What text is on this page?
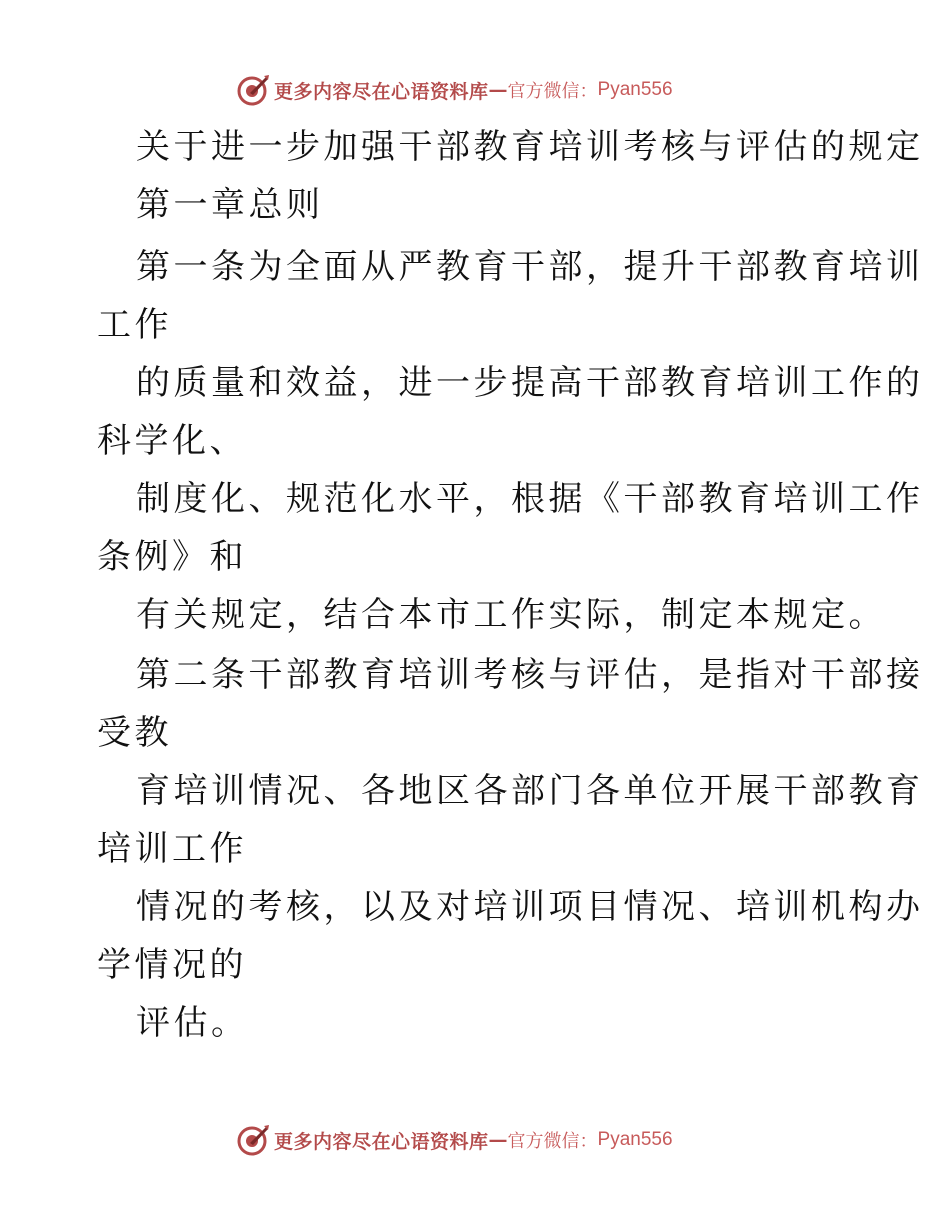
更多内容尽在心语资料库 — 官方微信： Pyan556
关于进一步加强干部教育培训考核与评估的规定
第一章总则
第一条为全面从严教育干部，提升干部教育培训
工作
的质量和效益，进一步提高干部教育培训工作的
科学化、
制度化、规范化水平，根据《干部教育培训工作
条例》和
有关规定，结合本市工作实际，制定本规定。
第二条干部教育培训考核与评估，是指对干部接
受教
育培训情况、各地区各部门各单位开展干部教育
培训工作
情况的考核，以及对培训项目情况、培训机构办
学情况的
评估。
更多内容尽在心语资料库 — 官方微信： Pyan556
